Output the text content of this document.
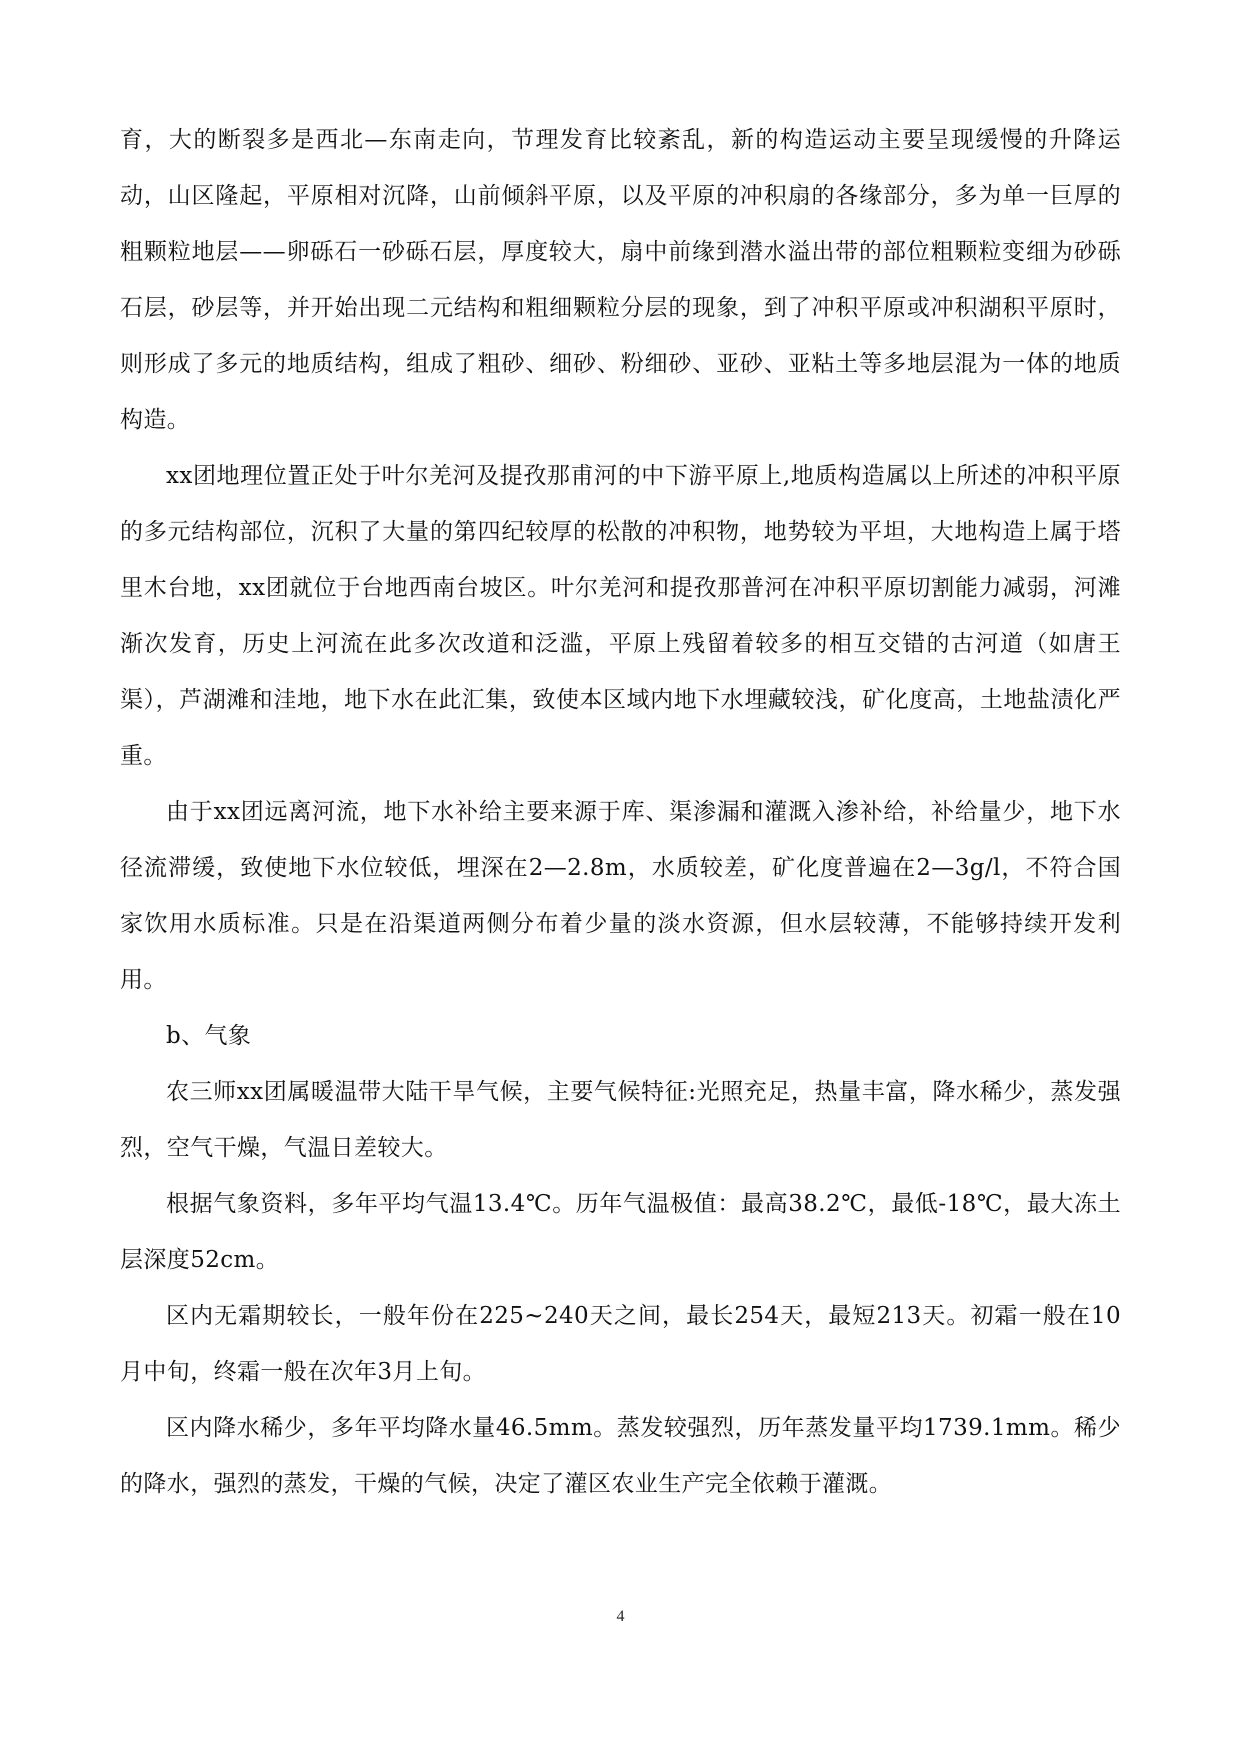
育，大的断裂多是西北—东南走向，节理发育比较紊乱，新的构造运动主要呈现缓慢的升降运动，山区隆起，平原相对沉降，山前倾斜平原，以及平原的冲积扇的各缘部分，多为单一巨厚的粗颗粒地层——卵砾石一砂砾石层，厚度较大，扇中前缘到潜水溢出带的部位粗颗粒变细为砂砾石层，砂层等，并开始出现二元结构和粗细颗粒分层的现象，到了冲积平原或冲积湖积平原时，则形成了多元的地质结构，组成了粗砂、细砂、粉细砂、亚砂、亚粘土等多地层混为一体的地质构造。

xx团地理位置正处于叶尔羌河及提孜那甫河的中下游平原上,地质构造属以上所述的冲积平原的多元结构部位，沉积了大量的第四纪较厚的松散的冲积物，地势较为平坦，大地构造上属于塔里木台地，xx团就位于台地西南台坡区。叶尔羌河和提孜那普河在冲积平原切割能力减弱，河滩渐次发育，历史上河流在此多次改道和泛滥，平原上残留着较多的相互交错的古河道（如唐王渠），芦湖滩和洼地，地下水在此汇集，致使本区域内地下水埋藏较浅，矿化度高，土地盐渍化严重。

由于xx团远离河流，地下水补给主要来源于库、渠渗漏和灌溉入渗补给，补给量少，地下水径流滞缓，致使地下水位较低，埋深在2—2.8m，水质较差，矿化度普遍在2—3g/l，不符合国家饮用水质标准。只是在沿渠道两侧分布着少量的淡水资源，但水层较薄，不能够持续开发利用。

b、气象

农三师xx团属暖温带大陆干旱气候，主要气候特征:光照充足，热量丰富，降水稀少，蒸发强烈，空气干燥，气温日差较大。

根据气象资料，多年平均气温13.4℃。历年气温极值：最高38.2℃，最低-18℃，最大冻土层深度52cm。

区内无霜期较长，一般年份在225~240天之间，最长254天，最短213天。初霜一般在10月中旬，终霜一般在次年3月上旬。

区内降水稀少，多年平均降水量46.5mm。蒸发较强烈，历年蒸发量平均1739.1mm。稀少的降水，强烈的蒸发，干燥的气候，决定了灌区农业生产完全依赖于灌溉。

4
